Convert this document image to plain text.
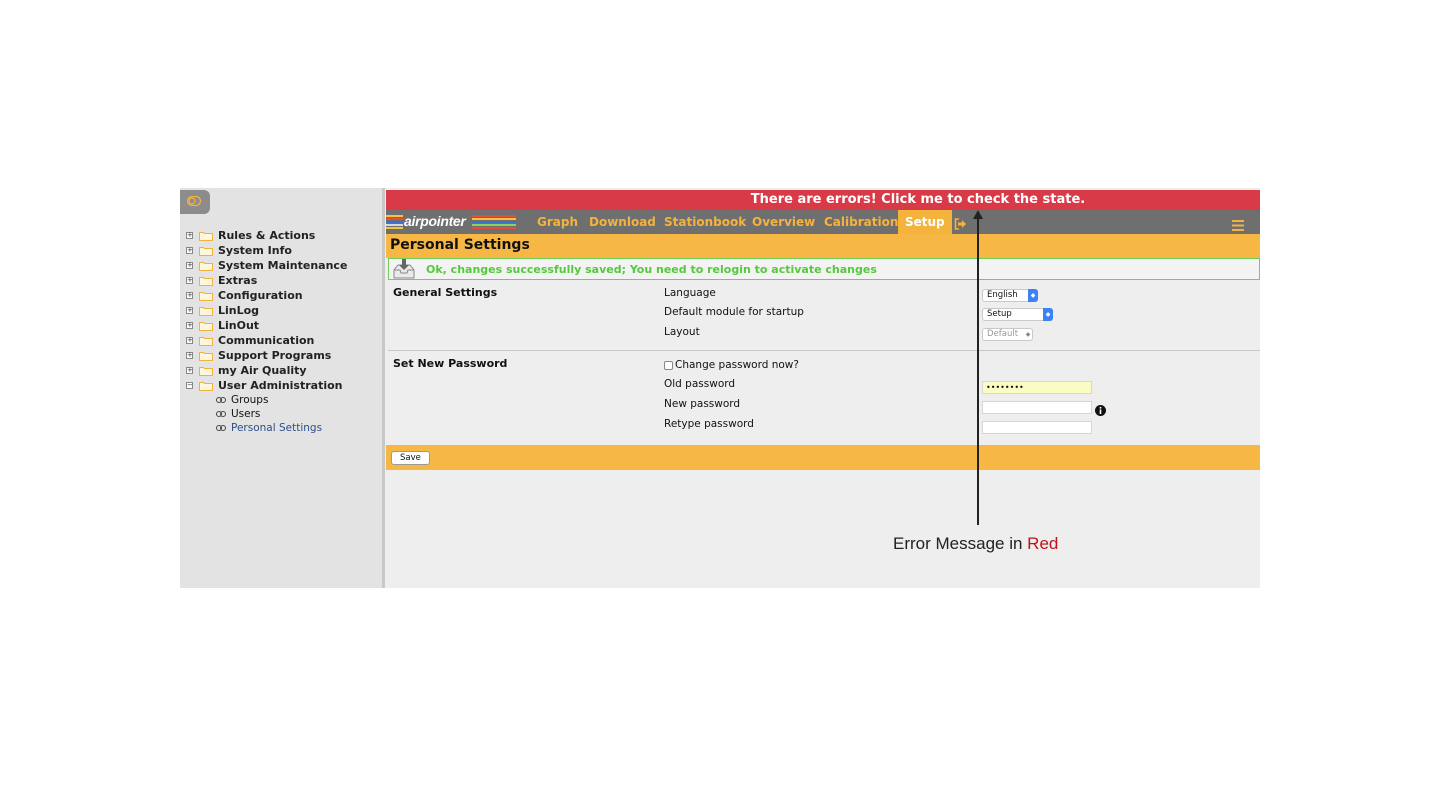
+ Rules & Actions
+ System Info
+ System Maintenance
+ Extras
+ Configuration
+ LinLog
+ LinOut
+ Communication
+ Support Programs
+ my Air Quality
− User Administration
Groups
Users
Personal Settings
There are errors! Click me to check the state.
airpointer	Graph Download Stationbook Overview Calibration Setup
Personal Settings
Ok, changes successfully saved; You need to relogin to activate changes
General Settings	Language	English	◆
Default module for startup	Setup	◆
Layout	Default	◆
Set New Password	Change password now?
Old password	••••••••
New password
Retype password
Save
Error Message in Red
